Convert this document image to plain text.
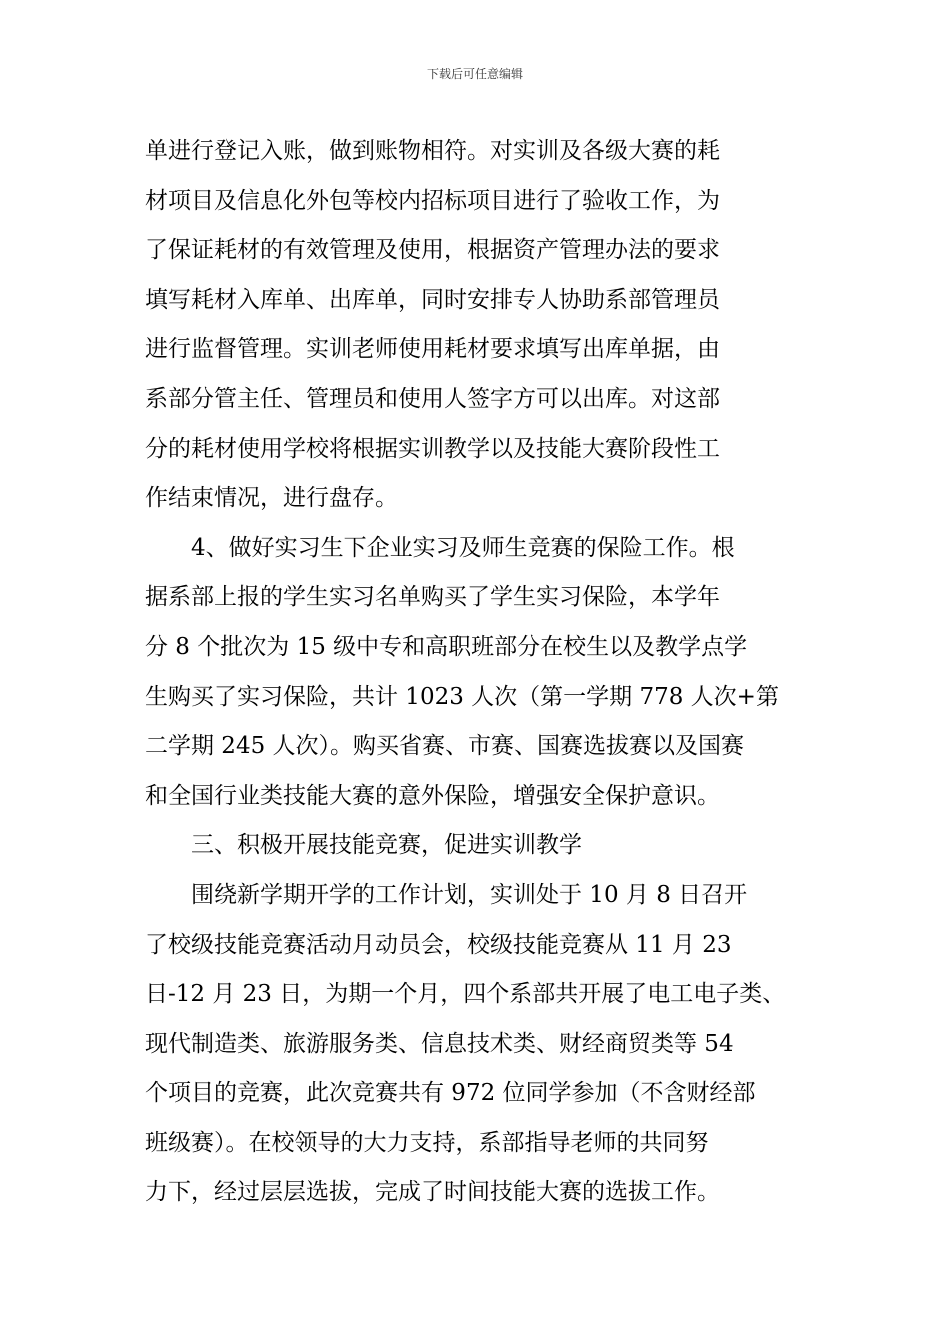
下载后可任意编辑
单进行登记入账，做到账物相符。对实训及各级大赛的耗
材项目及信息化外包等校内招标项目进行了验收工作，为
了保证耗材的有效管理及使用，根据资产管理办法的要求
填写耗材入库单、出库单，同时安排专人协助系部管理员
进行监督管理。实训老师使用耗材要求填写出库单据，由
系部分管主任、管理员和使用人签字方可以出库。对这部
分的耗材使用学校将根据实训教学以及技能大赛阶段性工
作结束情况，进行盘存。
　　4、做好实习生下企业实习及师生竞赛的保险工作。根
据系部上报的学生实习名单购买了学生实习保险，本学年
分 8 个批次为 15 级中专和高职班部分在校生以及教学点学
生购买了实习保险，共计 1023 人次（第一学期 778 人次+第
二学期 245 人次）。购买省赛、市赛、国赛选拔赛以及国赛
和全国行业类技能大赛的意外保险，增强安全保护意识。
　　三、积极开展技能竞赛，促进实训教学
　　围绕新学期开学的工作计划，实训处于 10 月 8 日召开
了校级技能竞赛活动月动员会，校级技能竞赛从 11 月 23
日-12 月 23 日，为期一个月，四个系部共开展了电工电子类、
现代制造类、旅游服务类、信息技术类、财经商贸类等 54
个项目的竞赛，此次竞赛共有 972 位同学参加（不含财经部
班级赛）。在校领导的大力支持，系部指导老师的共同努
力下，经过层层选拔，完成了时间技能大赛的选拔工作。
